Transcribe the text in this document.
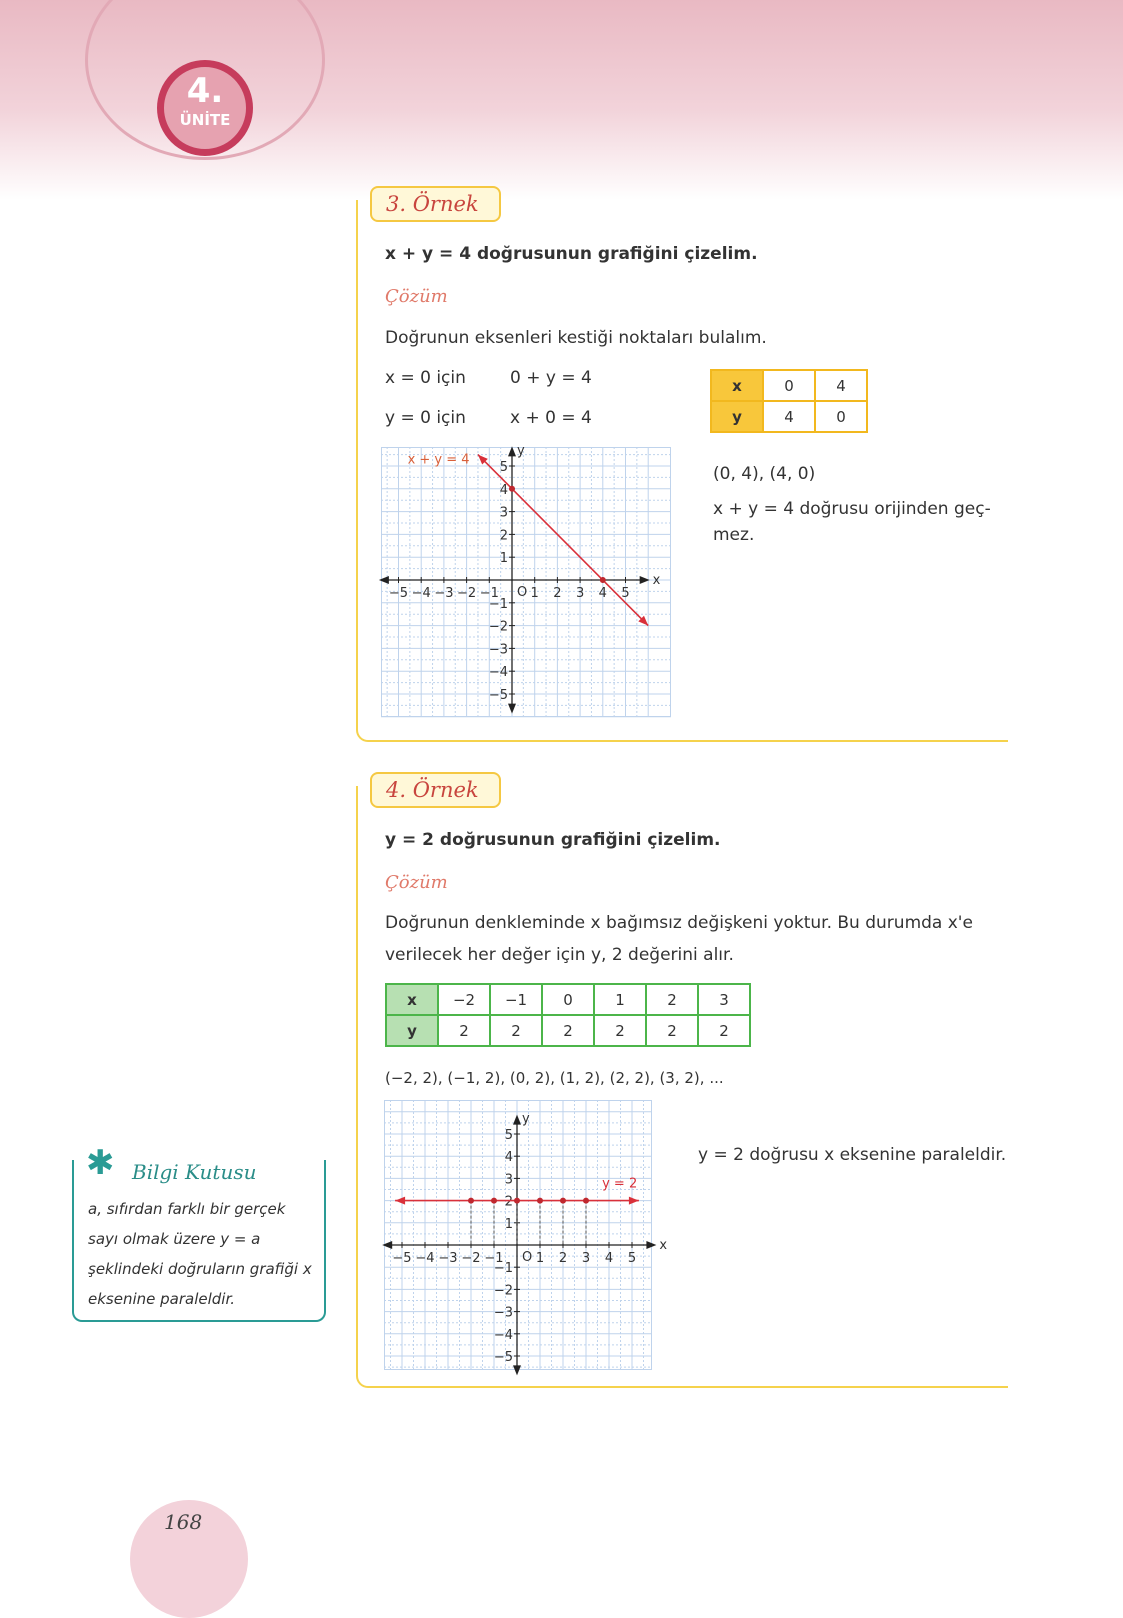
4.
ÜNİTE
3. Örnek
x + y = 4 doğrusunun grafiğini çizelim.
Çözüm
Doğrunun eksenleri kestiği noktaları bulalım.
x = 0 için	0 + y = 4
y = 0 için	x + 0 = 4
x	0	4
y	4	0
(0, 4), (4, 0)
x + y = 4 doğrusu orijinden geç-
mez.
−5 −4 −3 −2 −1 1 2 3 4 5
5
4
3
2
1
−1
−2
−3
−4
−5
O
x
y
x + y = 4
4. Örnek
y = 2 doğrusunun grafiğini çizelim.
Çözüm
Doğrunun denkleminde x bağımsız değişkeni yoktur. Bu durumda x'e
verilecek her değer için y, 2 değerini alır.
x	−2	−1	0	1	2	3
y	2	2	2	2	2	2
(−2, 2), (−1, 2), (0, 2), (1, 2), (2, 2), (3, 2), ...
y = 2 doğrusu x eksenine paraleldir.
−5 −4 −3 −2 −1 1 2 3 4 5
5
4
3
2
1
−1
−2
−3
−4
−5
O
x
y
y = 2
✱ Bilgi Kutusu
a, sıfırdan farklı bir gerçek sayı olmak üzere y = a şeklindeki doğruların grafiği x eksenine paraleldir.
168
